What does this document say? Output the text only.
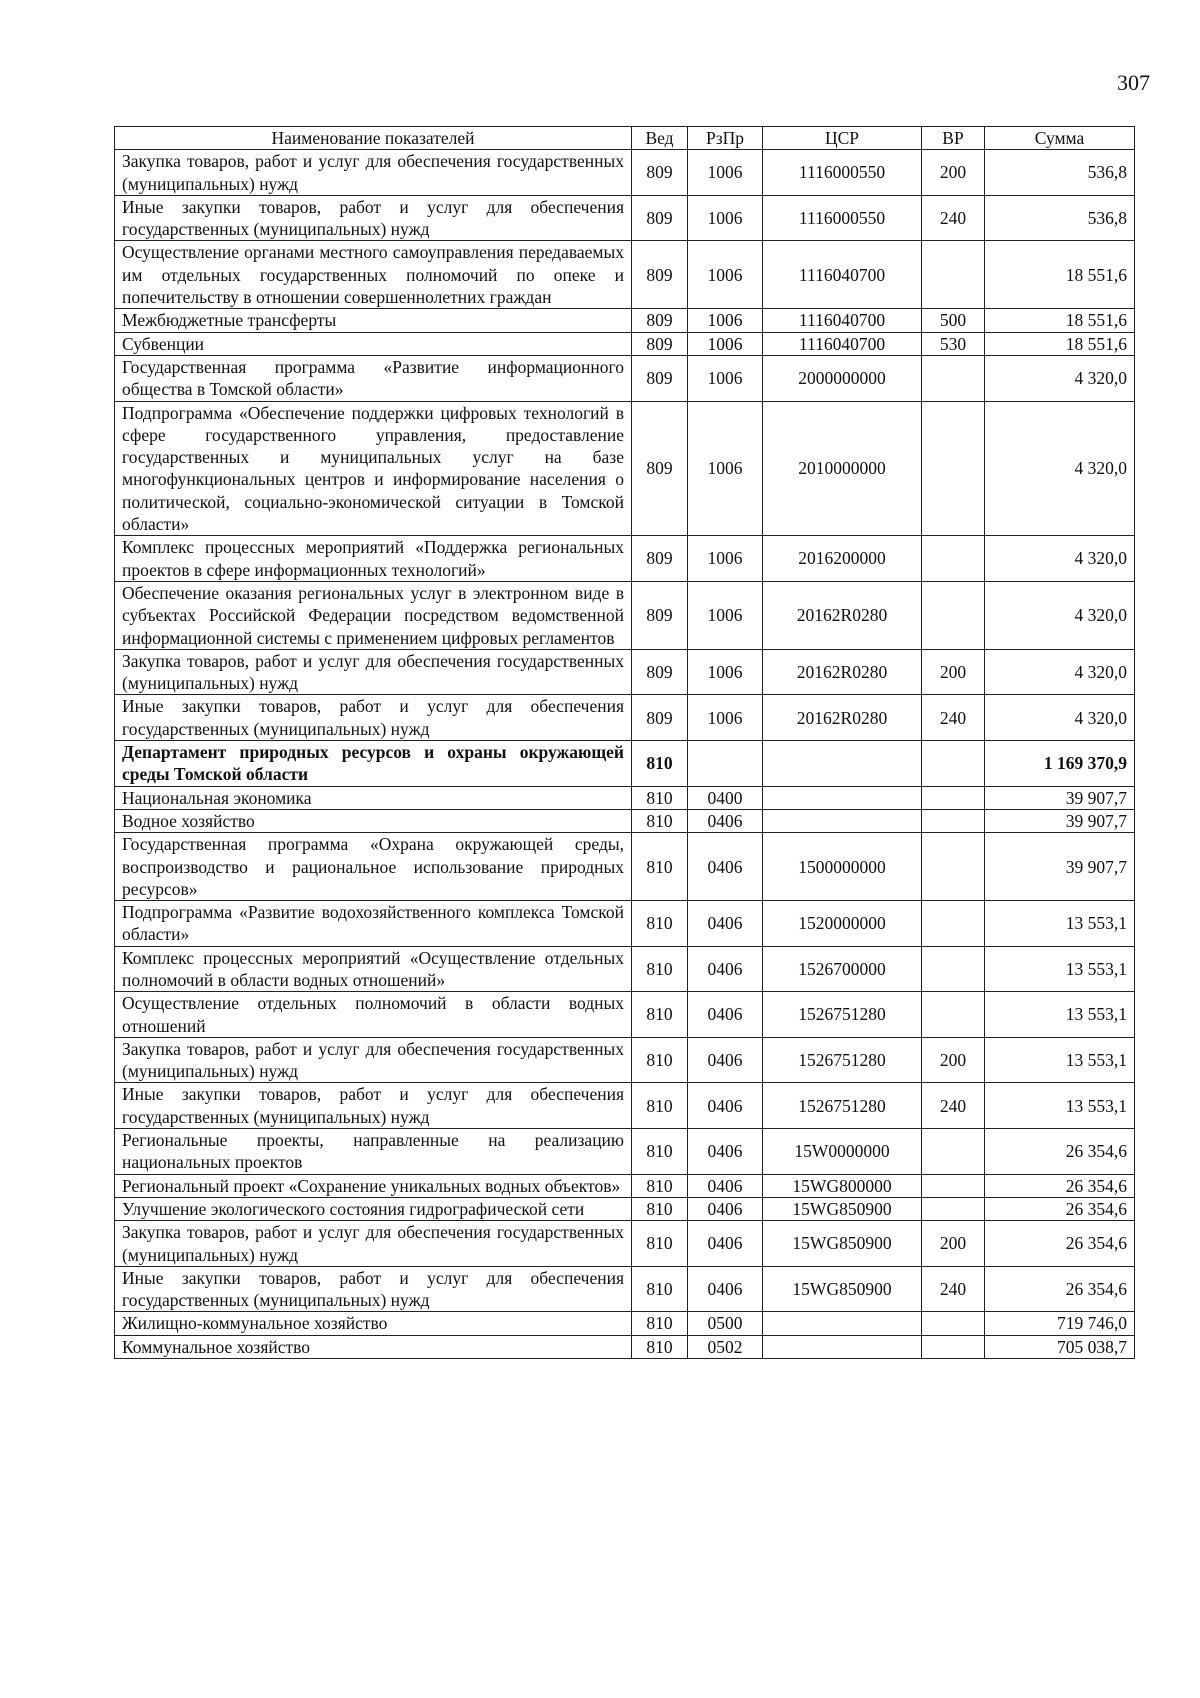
307
Наименование показателей	Вед	РзПр	ЦСР	ВР	Сумма
Закупка товаров, работ и услуг для обеспечения государственных (муниципальных) нужд	809	1006	1116000550	200	536,8
Иные закупки товаров, работ и услуг для обеспечения государственных (муниципальных) нужд	809	1006	1116000550	240	536,8
Осуществление органами местного самоуправления передаваемых им отдельных государственных полномочий по опеке и попечительству в отношении совершеннолетних граждан	809	1006	1116040700		18 551,6
Межбюджетные трансферты	809	1006	1116040700	500	18 551,6
Субвенции	809	1006	1116040700	530	18 551,6
Государственная программа «Развитие информационного общества в Томской области»	809	1006	2000000000		4 320,0
Подпрограмма «Обеспечение поддержки цифровых технологий в сфере государственного управления, предоставление государственных и муниципальных услуг на базе многофункциональных центров и информирование населения о политической, социально-экономической ситуации в Томской области»	809	1006	2010000000		4 320,0
Комплекс процессных мероприятий «Поддержка региональных проектов в сфере информационных технологий»	809	1006	2016200000		4 320,0
Обеспечение оказания региональных услуг в электронном виде в субъектах Российской Федерации посредством ведомственной информационной системы с применением цифровых регламентов	809	1006	20162R0280		4 320,0
Закупка товаров, работ и услуг для обеспечения государственных (муниципальных) нужд	809	1006	20162R0280	200	4 320,0
Иные закупки товаров, работ и услуг для обеспечения государственных (муниципальных) нужд	809	1006	20162R0280	240	4 320,0
Департамент природных ресурсов и охраны окружающей среды Томской области	810				1 169 370,9
Национальная экономика	810	0400			39 907,7
Водное хозяйство	810	0406			39 907,7
Государственная программа «Охрана окружающей среды, воспроизводство и рациональное использование природных ресурсов»	810	0406	1500000000		39 907,7
Подпрограмма «Развитие водохозяйственного комплекса Томской области»	810	0406	1520000000		13 553,1
Комплекс процессных мероприятий «Осуществление отдельных полномочий в области водных отношений»	810	0406	1526700000		13 553,1
Осуществление отдельных полномочий в области водных отношений	810	0406	1526751280		13 553,1
Закупка товаров, работ и услуг для обеспечения государственных (муниципальных) нужд	810	0406	1526751280	200	13 553,1
Иные закупки товаров, работ и услуг для обеспечения государственных (муниципальных) нужд	810	0406	1526751280	240	13 553,1
Региональные проекты, направленные на реализацию национальных проектов	810	0406	15W0000000		26 354,6
Региональный проект «Сохранение уникальных водных объектов»	810	0406	15WG800000		26 354,6
Улучшение экологического состояния гидрографической сети	810	0406	15WG850900		26 354,6
Закупка товаров, работ и услуг для обеспечения государственных (муниципальных) нужд	810	0406	15WG850900	200	26 354,6
Иные закупки товаров, работ и услуг для обеспечения государственных (муниципальных) нужд	810	0406	15WG850900	240	26 354,6
Жилищно-коммунальное хозяйство	810	0500			719 746,0
Коммунальное хозяйство	810	0502			705 038,7
